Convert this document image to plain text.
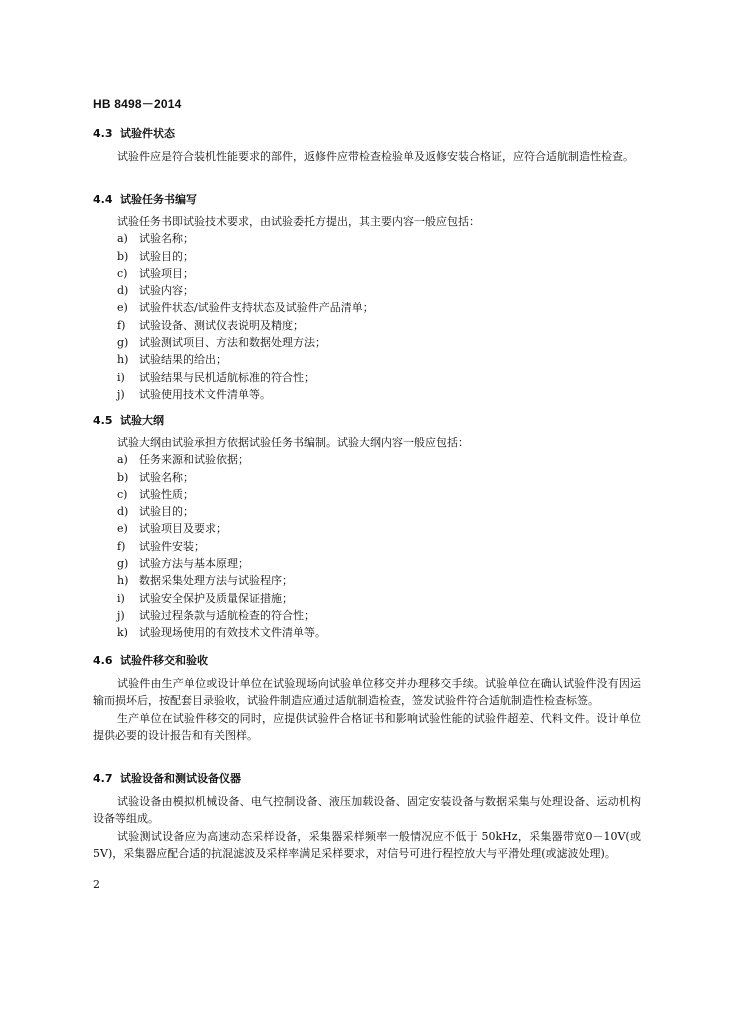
HB 8498－2014
4.3 试验件状态
试验件应是符合装机性能要求的部件，返修件应带检查检验单及返修安装合格证，应符合适航制造性检查。
4.4 试验任务书编写
试验任务书即试验技术要求，由试验委托方提出，其主要内容一般应包括：
a) 试验名称；
b) 试验目的；
c) 试验项目；
d) 试验内容；
e) 试验件状态/试验件支持状态及试验件产品清单；
f) 试验设备、测试仪表说明及精度；
g) 试验测试项目、方法和数据处理方法；
h) 试验结果的给出；
i) 试验结果与民机适航标准的符合性；
j) 试验使用技术文件清单等。
4.5 试验大纲
试验大纲由试验承担方依据试验任务书编制。试验大纲内容一般应包括：
a) 任务来源和试验依据；
b) 试验名称；
c) 试验性质；
d) 试验目的；
e) 试验项目及要求；
f) 试验件安装；
g) 试验方法与基本原理；
h) 数据采集处理方法与试验程序；
i) 试验安全保护及质量保证措施；
j) 试验过程条款与适航检查的符合性；
k) 试验现场使用的有效技术文件清单等。
4.6 试验件移交和验收
试验件由生产单位或设计单位在试验现场向试验单位移交并办理移交手续。试验单位在确认试验件没有因运输而损坏后，按配套目录验收，试验件制造应通过适航制造检查，签发试验件符合适航制造性检查标签。
生产单位在试验件移交的同时，应提供试验件合格证书和影响试验性能的试验件超差、代料文件。设计单位提供必要的设计报告和有关图样。
4.7 试验设备和测试设备仪器
试验设备由模拟机械设备、电气控制设备、液压加载设备、固定安装设备与数据采集与处理设备、运动机构设备等组成。
试验测试设备应为高速动态采样设备，采集器采样频率一般情况应不低于 50kHz，采集器带宽0－10V(或 5V)，采集器应配合适的抗混滤波及采样率满足采样要求，对信号可进行程控放大与平滑处理(或滤波处理)。
2
